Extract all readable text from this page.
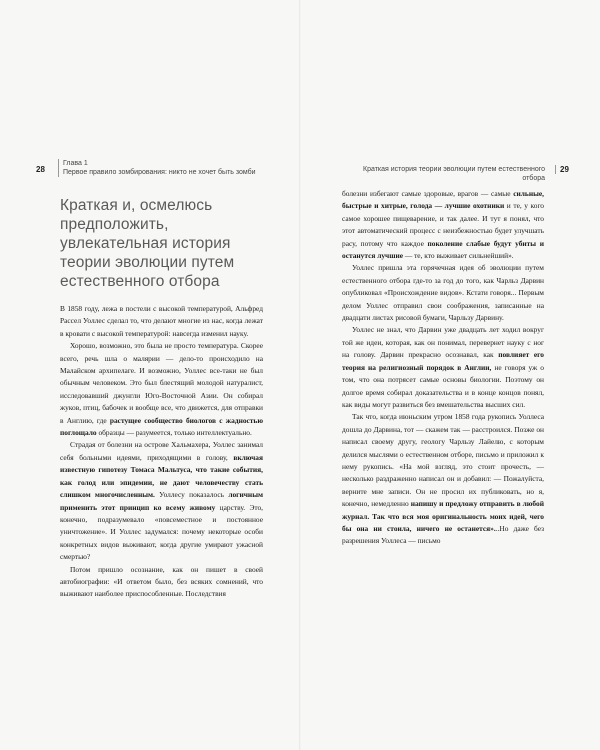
28
Глава 1
Первое правило зомбирования: никто не хочет быть зомби	Краткая история теории эволюции путем естественного отбора
29
Краткая и, осмелюсь предположить, увлекательная история теории эволюции путем естественного отбора

В 1858 году, лежа в постели с высокой температурой, Альфред Рассел Уоллес сделал то, что делают многие из нас, когда лежат в кровати с высокой температурой: навсегда изменил науку.

Хорошо, возможно, это была не просто температура. Скорее всего, речь шла о малярии — дело-то происходило на Малайском архипелаге. И возможно, Уоллес все-таки не был обычным человеком. Это был блестящий молодой натуралист, исследовавший джунгли Юго-Восточной Азии. Он собирал жуков, птиц, бабочек и вообще все, что движется, для отправки в Англию, где растущее сообщество биологов с жадностью поглощало образцы — разумеется, только интеллектуально.

Страдая от болезни на острове Хальмахера, Уоллес занимал себя больными идеями, приходящими в голову, включая известную гипотезу Томаса Мальтуса, что такие события, как голод или эпидемии, не дают человечеству стать слишком многочисленным. Уоллесу показалось логичным применить этот принцип ко всему живому царству. Это, конечно, подразумевало «повсеместное и постоянное уничтожение». И Уоллес задумался: почему некоторые особи конкретных видов выживают, когда другие умирают ужасной смертью?

Потом пришло осознание, как он пишет в своей автобиографии: «И ответом было, без всяких сомнений, что выживают наиболее приспособленные. Последствия

болезни избегают самые здоровые, врагов — самые сильные, быстрые и хитрые, голода — лучшие охотники и те, у кого самое хорошее пищеварение, и так далее. И тут я понял, что этот автоматический процесс с неизбежностью будет улучшать расу, потому что каждое поколение слабые будут убиты и останутся лучшие — те, кто выживает сильнейший».

Уоллес пришла эта горячечная идея об эволюции путем естественного отбора где-то за год до того, как Чарльз Дарвин опубликовал «Происхождение видов». Кстати говоря... Первым делом Уоллес отправил свои соображения, записанные на двадцати листах рисовой бумаги, Чарльзу Дарвину.

Уоллес не знал, что Дарвин уже двадцать лет ходил вокруг той же идеи, которая, как он понимал, перевернет науку с ног на голову. Дарвин прекрасно осознавал, как повлияет его теория на религиозный порядок в Англии, не говоря уж о том, что она потрясет самые основы биологии. Поэтому он долгое время собирал доказательства и в конце концов понял, как виды могут развиться без вмешательства высших сил.

Так что, когда июньским утром 1858 года рукопись Уоллеса дошла до Дарвина, тот — скажем так — расстроился. Позже он написал своему другу, геологу Чарльзу Лайелю, с которым делился мыслями о естественном отборе, письмо и приложил к нему рукопись. «На мой взгляд, это стоит прочесть, — несколько раздраженно написал он и добавил: — Пожалуйста, верните мне записи. Он не просил их публиковать, но я, конечно, немедленно напишу и предложу отправить в любой журнал. Так что вся моя оригинальность моих идей, чего бы она ни стоила, ничего не останется»...Но даже без разрешения Уоллеса — письмо
